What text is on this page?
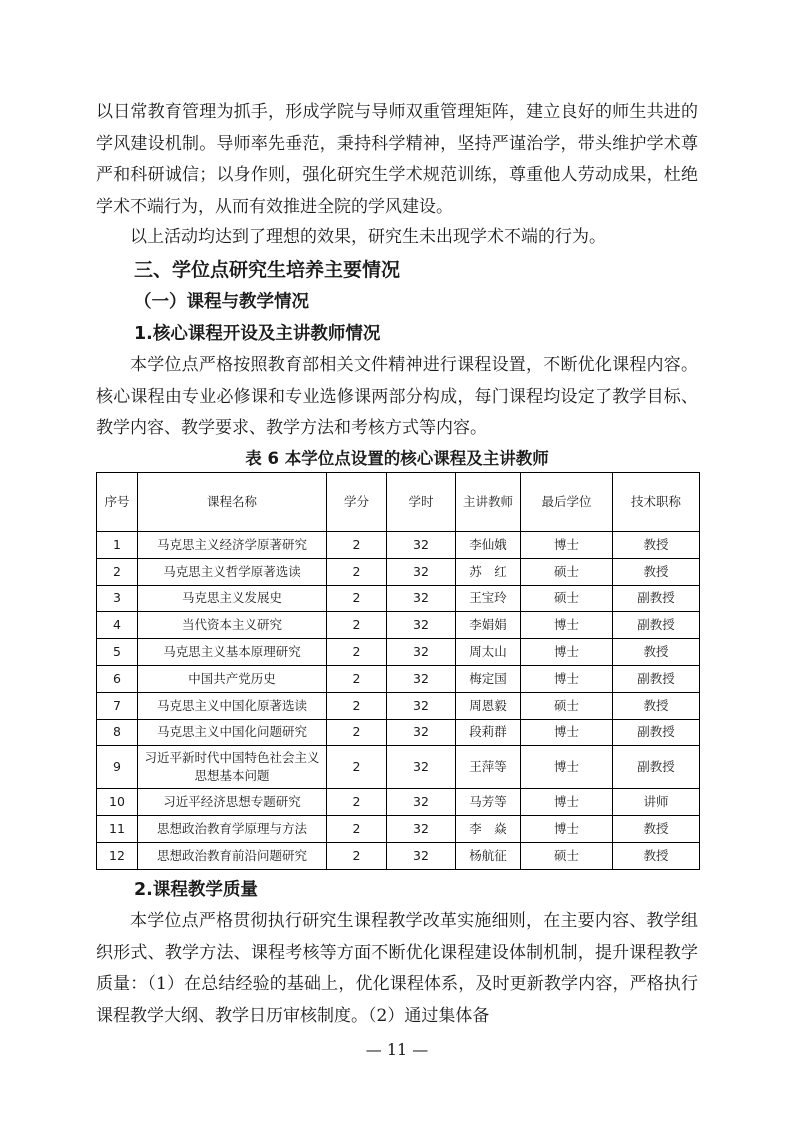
以日常教育管理为抓手，形成学院与导师双重管理矩阵，建立良好的师生共进的学风建设机制。导师率先垂范，秉持科学精神，坚持严谨治学，带头维护学术尊严和科研诚信；以身作则，强化研究生学术规范训练，尊重他人劳动成果，杜绝学术不端行为，从而有效推进全院的学风建设。

以上活动均达到了理想的效果，研究生未出现学术不端的行为。

三、学位点研究生培养主要情况
（一）课程与教学情况
1.核心课程开设及主讲教师情况

本学位点严格按照教育部相关文件精神进行课程设置，不断优化课程内容。核心课程由专业必修课和专业选修课两部分构成，每门课程均设定了教学目标、教学内容、教学要求、教学方法和考核方式等内容。

表 6 本学位点设置的核心课程及主讲教师

序号	课程名称	学分	学时	主讲教师	最后学位	技术职称
1	马克思主义经济学原著研究	2	32	李仙娥	博士	教授
2	马克思主义哲学原著选读	2	32	苏　红	硕士	教授
3	马克思主义发展史	2	32	王宝玲	硕士	副教授
4	当代资本主义研究	2	32	李娟娟	博士	副教授
5	马克思主义基本原理研究	2	32	周太山	博士	教授
6	中国共产党历史	2	32	梅定国	博士	副教授
7	马克思主义中国化原著选读	2	32	周恩毅	硕士	教授
8	马克思主义中国化问题研究	2	32	段莉群	博士	副教授
9	习近平新时代中国特色社会主义思想基本问题	2	32	王萍等	博士	副教授
10	习近平经济思想专题研究	2	32	马芳等	博士	讲师
11	思想政治教育学原理与方法	2	32	李　焱	博士	教授
12	思想政治教育前沿问题研究	2	32	杨航征	硕士	教授
2.课程教学质量

本学位点严格贯彻执行研究生课程教学改革实施细则，在主要内容、教学组织形式、教学方法、课程考核等方面不断优化课程建设体制机制，提升课程教学质量：（1）在总结经验的基础上，优化课程体系，及时更新教学内容，严格执行课程教学大纲、教学日历审核制度。（2）通过集体备

— 11 —
